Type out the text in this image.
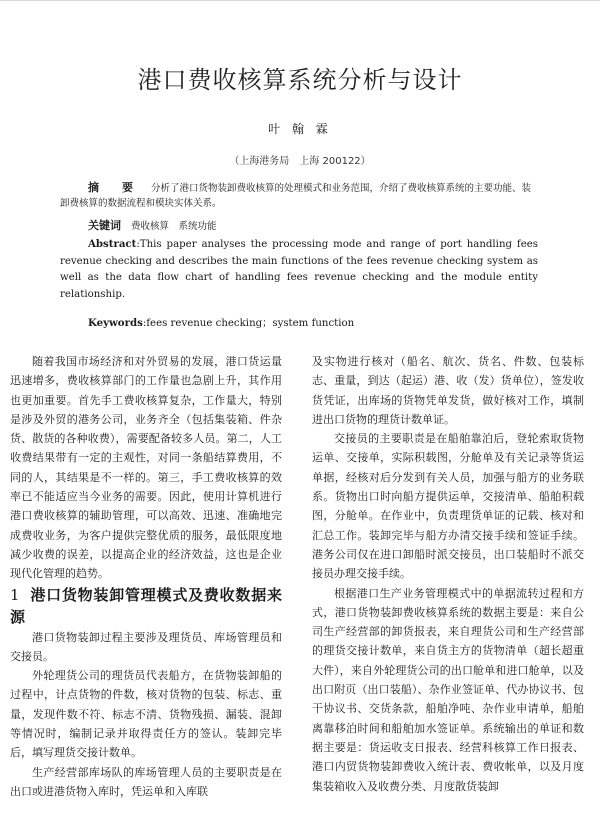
港口费收核算系统分析与设计
叶 翰 霖
（上海港务局　上海 200122）
摘　要 分析了港口货物装卸费收核算的处理模式和业务范围，介绍了费收核算系统的主要功能、装卸费核算的数据流程和模块实体关系。
关键词 费收核算　系统功能
Abstract:This paper analyses the processing mode and range of port handling fees revenue checking and describes the main functions of the fees revenue checking system as well as the data flow chart of handling fees revenue checking and the module entity relationship.
Keywords:fees revenue checking；system function

随着我国市场经济和对外贸易的发展，港口货运量迅速增多，费收核算部门的工作量也急剧上升，其作用也更加重要。首先手工费收核算复杂，工作量大，特别是涉及外贸的港务公司，业务齐全（包括集装箱、件杂货、散货的各种收费），需要配备较多人员。第二，人工收费结果带有一定的主观性，对同一条船结算费用，不同的人，其结果是不一样的。第三，手工费收核算的效率已不能适应当今业务的需要。因此，使用计算机进行港口费收核算的辅助管理，可以高效、迅速、准确地完成费收业务，为客户提供完整优质的服务，最低限度地减少收费的误差，以提高企业的经济效益，这也是企业现代化管理的趋势。

1 港口货物装卸管理模式及费收数据来源

港口货物装卸过程主要涉及理货员、库场管理员和交接员。

外轮理货公司的理货员代表船方，在货物装卸船的过程中，计点货物的件数，核对货物的包装、标志、重量，发现件数不符、标志不清、货物残损、漏装、混卸等情况时，编制记录并取得责任方的签认。装卸完毕后，填写理货交接计数单。

生产经营部库场队的库场管理人员的主要职责是在出口或进港货物入库时，凭运单和入库联

及实物进行核对（船名、航次、货名、件数、包装标志、重量，到达（起运）港、收（发）货单位），签发收货凭证，出库场的货物凭单发货，做好核对工作，填制进出口货物的理货计数单证。

交接员的主要职责是在船舶靠泊后，登轮索取货物运单、交接单，实际积载图，分舱单及有关记录等货运单据，经核对后分发到有关人员，加强与船方的业务联系。货物出口时向船方提供运单，交接清单、船舶积载图，分舱单。在作业中，负责理货单证的记载、核对和汇总工作。装卸完毕与船方办清交接手续和签证手续。港务公司仅在进口卸船时派交接员，出口装船时不派交接员办理交接手续。

根据港口生产业务管理模式中的单据流转过程和方式，港口货物装卸费收核算系统的数据主要是：来自公司生产经营部的卸货报表，来自理货公司和生产经营部的理货交接计数单，来自货主方的货物清单（超长超重大件），来自外轮理货公司的出口舱单和进口舱单，以及出口附页（出口装船）、杂作业签证单、代办协议书、包干协议书、交货条款，船舶净吨、杂作业申请单，船舶离靠移泊时间和船舶加水签证单。系统输出的单证和数据主要是：货运收支日报表、经营科核算工作日报表、港口内贸货物装卸费收入统计表、费收帐单，以及月度集装箱收入及收费分类、月度散货装卸
